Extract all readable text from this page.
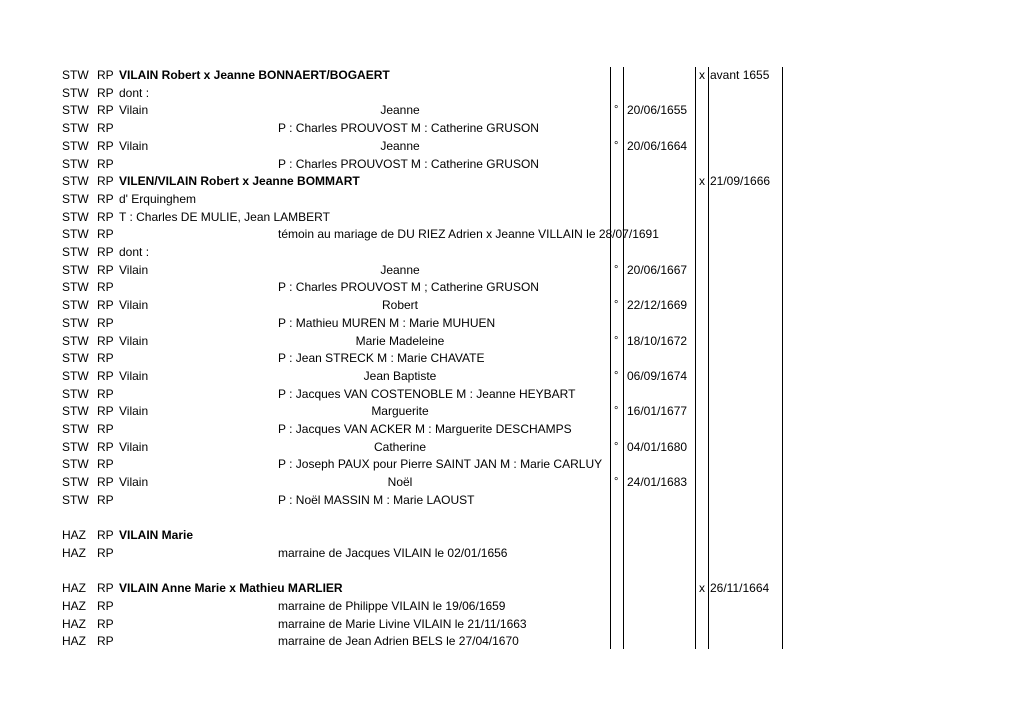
STW RP VILAIN Robert x Jeanne BONNAERT/BOGAERT	x avant 1655
STW RP dont :
STW RP Vilain	Jeanne	° 20/06/1655
STW RP	P : Charles PROUVOST M : Catherine GRUSON
STW RP Vilain	Jeanne	° 20/06/1664
STW RP	P : Charles PROUVOST M : Catherine GRUSON
STW RP VILEN/VILAIN Robert x Jeanne BOMMART	x 21/09/1666
STW RP d' Erquinghem
STW RP T : Charles DE MULIE, Jean LAMBERT
STW RP	témoin au mariage de DU RIEZ Adrien x Jeanne VILLAIN le 28/07/1691
STW RP dont :
STW RP Vilain	Jeanne	° 20/06/1667
STW RP	P : Charles PROUVOST M ; Catherine GRUSON
STW RP Vilain	Robert	° 22/12/1669
STW RP	P : Mathieu MUREN M : Marie MUHUEN
STW RP Vilain	Marie Madeleine	° 18/10/1672
STW RP	P : Jean STRECK M : Marie CHAVATE
STW RP Vilain	Jean Baptiste	° 06/09/1674
STW RP	P : Jacques VAN COSTENOBLE M : Jeanne HEYBART
STW RP Vilain	Marguerite	° 16/01/1677
STW RP	P : Jacques VAN ACKER M : Marguerite DESCHAMPS
STW RP Vilain	Catherine	° 04/01/1680
STW RP	P : Joseph PAUX pour Pierre SAINT JAN M : Marie CARLUY
STW RP Vilain	Noël	° 24/01/1683
STW RP	P : Noël MASSIN M : Marie LAOUST
HAZ RP VILAIN Marie
HAZ RP	marraine de Jacques VILAIN le 02/01/1656
HAZ RP VILAIN Anne Marie x Mathieu MARLIER	x 26/11/1664
HAZ RP	marraine de Philippe VILAIN le 19/06/1659
HAZ RP	marraine de Marie Livine VILAIN le 21/11/1663
HAZ RP	marraine de Jean Adrien BELS le 27/04/1670
